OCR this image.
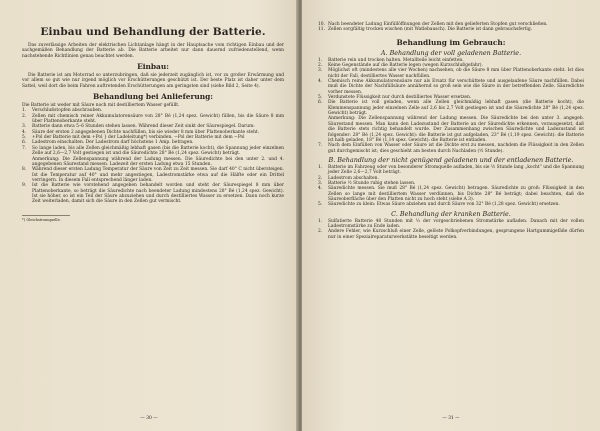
Einbau und Behandlung der Batterie.

Das zuverlässige Arbeiten der elektrischen Lichtanlage hängt in der Hauptsache vom richtigen Einbau und der sachgemäßen Behandlung der Batterie ab. Die Batterie arbeitet nur dann dauernd zufriedenstellend, wenn nachstehende Richtlinien genau beachtet werden.

Einbau:

Die Batterie ist am Motorrad so unterzubringen, daß sie jederzeit zugänglich ist, vor zu großer Erwärmung und vor allem so gut wie nur irgend möglich vor Erschütterungen geschützt ist. Der beste Platz ist daher unter dem Sattel, weil dort die beim Fahren auftretenden Erschütterungen am geringsten sind (siehe Bild 2, Seite 4).

Behandlung bei Anlieferung:

Die Batterie ist weder mit Säure noch mit destilliertem Wasser gefüllt.

1.	Verschlußstopfen abschrauben.
2.	Zellen mit chemisch reiner Akkumulatorensäure von 28° Bé (1,24 spez. Gewicht) füllen, bis die Säure 8 mm über Plattenoberkante steht.
3.	Batterie dann etwa 5–6 Stunden stehen lassen. Während dieser Zeit sinkt der Säurespiegel. Darum:
4.	Säure der ersten 2 angegebenen Dichte nachfüllen, bis sie wieder 8 mm über Plattenoberkante steht.
5.	+Pol der Batterie mit dem +Pol } der Ladeleitung*) verbinden. −Pol der Batterie mit dem −Pol
6.	Ladestrom einschalten. Der Ladestrom darf höchstens 1 Amp. betragen.
7.	So lange laden, bis alle Zellen gleichmäßig lebhaft gasen (bis die Batterie kocht), die Spannung jeder einzelnen Zelle auf 2,6—2,7 Volt gestiegen ist und die Säuredichte 28° Bé (1,24 spez. Gewicht) beträgt.

Anmerkung: Die Zellenspannung während der Ladung messen. Die Säuredichte bei den unter 2. und 4. angegebenen Säurestand messen. Ladezeit der ersten Ladung etwa 15 Stunden.

8.	Während dieser ersten Ladung Temperatur der Säure von Zeit zu Zeit messen. Sie darf 40° C nicht übersteigen. Ist die Temperatur auf 40° und mehr angestiegen, Ladestromstärke etwa auf die Hälfte oder ein Drittel verringern. In diesem Fall entsprechend länger laden.
9.	Ist die Batterie wie vorstehend angegeben behandelt worden und steht der Säurespiegel 8 mm über Plattenoberkante, so beträgt die Säuredichte nach beendeter Ladung mindestens 28° Bé (1,24 spez. Gewicht). Ist sie höher, so ist ein Teil der Säure abzuziehen und durch destilliertes Wasser zu ersetzen. Dann noch kurze Zeit weiterladen, damit sich die Säure in den Zellen gut vermischt.

*) Gleichstromquelle.

— 30 —
10. Nach beendeter Ladung Einfüllöffnungen der Zellen mit den gelieferten Stopfen gut verschließen.
11. Zellen sorgfältig trocken wischen (mit Watlebausch). Die Batterie ist dann gebrauchsfertig.
Behandlung im Gebrauch:
A. Behandlung der voll geladenen Batterie.
1.	Batterie rein und trocken halten. Metallteile leicht einfetten.
2.	Keine Gegenstände auf die Batterie legen (wegen Kurzschlußgefahr).
3.	Möglichst oft (mindestens alle vier Wochen) nachsehen, ob die Säure 8 mm über Plattenoberkante steht. Ist dies nicht der Fall, destilliertes Wasser nachfüllen.
4.	Chemisch reine Akkumulatorensäure nur als Ersatz für verschüttete und ausgelaufene Säure nachfüllen. Dabei muß die Dichte der Nachfüllsäure annähernd so groß sein wie die Säure in der betreffenden Zelle. Säuredichte vorher messen.
5.	Verdunstete Flüssigkeit nur durch destilliertes Wasser ersetzen.
6.	Die Batterie ist voll geladen, wenn alle Zellen gleichmäßig lebhaft gasen (die Batterie kocht), die Klemmenspannung jeder einzelnen Zelle auf 2,6 bis 2,7 Volt gestiegen ist und die Säuredichte 28° Bé (1,24 spez. Gewicht) beträgt.

Anmerkung: Die Zellenspannung während der Ladung messen. Die Säuredichte bei den unter 3. angegeb. Säurestand messen. Man kann den Ladezustand der Batterie an der Säuredichte erkennen, vorausgesetzt, daß die Batterie stets richtig behandelt wurde. Der Zusammenhang zwischen Säuredichte und Ladezustand ist folgender: 28° Bé (1,24 spez. Gewicht): die Batterie ist gut aufgeladen, 23° Bé (1,19 spez. Gewicht): die Batterie ist halb geladen, 18° Bé (1,14 spez. Gewicht): die Batterie ist entladen.

7.	Nach dem Einfüllen von Wasser oder Säure ist die Dichte erst zu messen, nachdem die Flüssigkeit in den Zellen gut durchgemischt ist; dies geschieht am besten durch Nachladen (½ Stunde).
B. Behandlung der nicht genügend geladenen und der entladenen Batterie.
1.	Batterie im Fahrzeug oder von besonderer Stromquelle aufladen, bis sie ½ Stunde lang „kocht“ und die Spannung jeder Zelle 2,6—2,7 Volt beträgt.
2.	Ladestrom abschalten.
3.	Batterie ½ Stunde ruhig stehen lassen.
4.	Säuredichte messen. Sie muß 28° Bé (1,24 spez. Gewicht) betragen. Säuredichte zu groß: Flüssigkeit in den Zellen so lange mit destilliertem Wasser verdünnen, bis Dichte 28° Bé beträgt; dabei beachten, daß die Säureoberfläche über den Platten nicht zu hoch steht (siehe A 3).
5.	Säuredichte zu klein: Etwas Säure abziehen und durch Säure von 32° Bé (1,28 spez. Gewicht) ersetzen.
C. Behandlung der kranken Batterie.
1.	Sulfatierte Batterie 48 Stunden mit ⅓ der vorgeschriebenen Stromstärke aufladen. Danach mit der vollen Ladestromstärke zu Ende laden.
2.	Andere Fehler, wie Kurzschluß einer Zelle, gelöste Polkopfverbindungen, gesprungene Hartgummigefäße dürfen nur in einer Spezialreparaturwerkstätte beseitigt werden.
— 31 —
